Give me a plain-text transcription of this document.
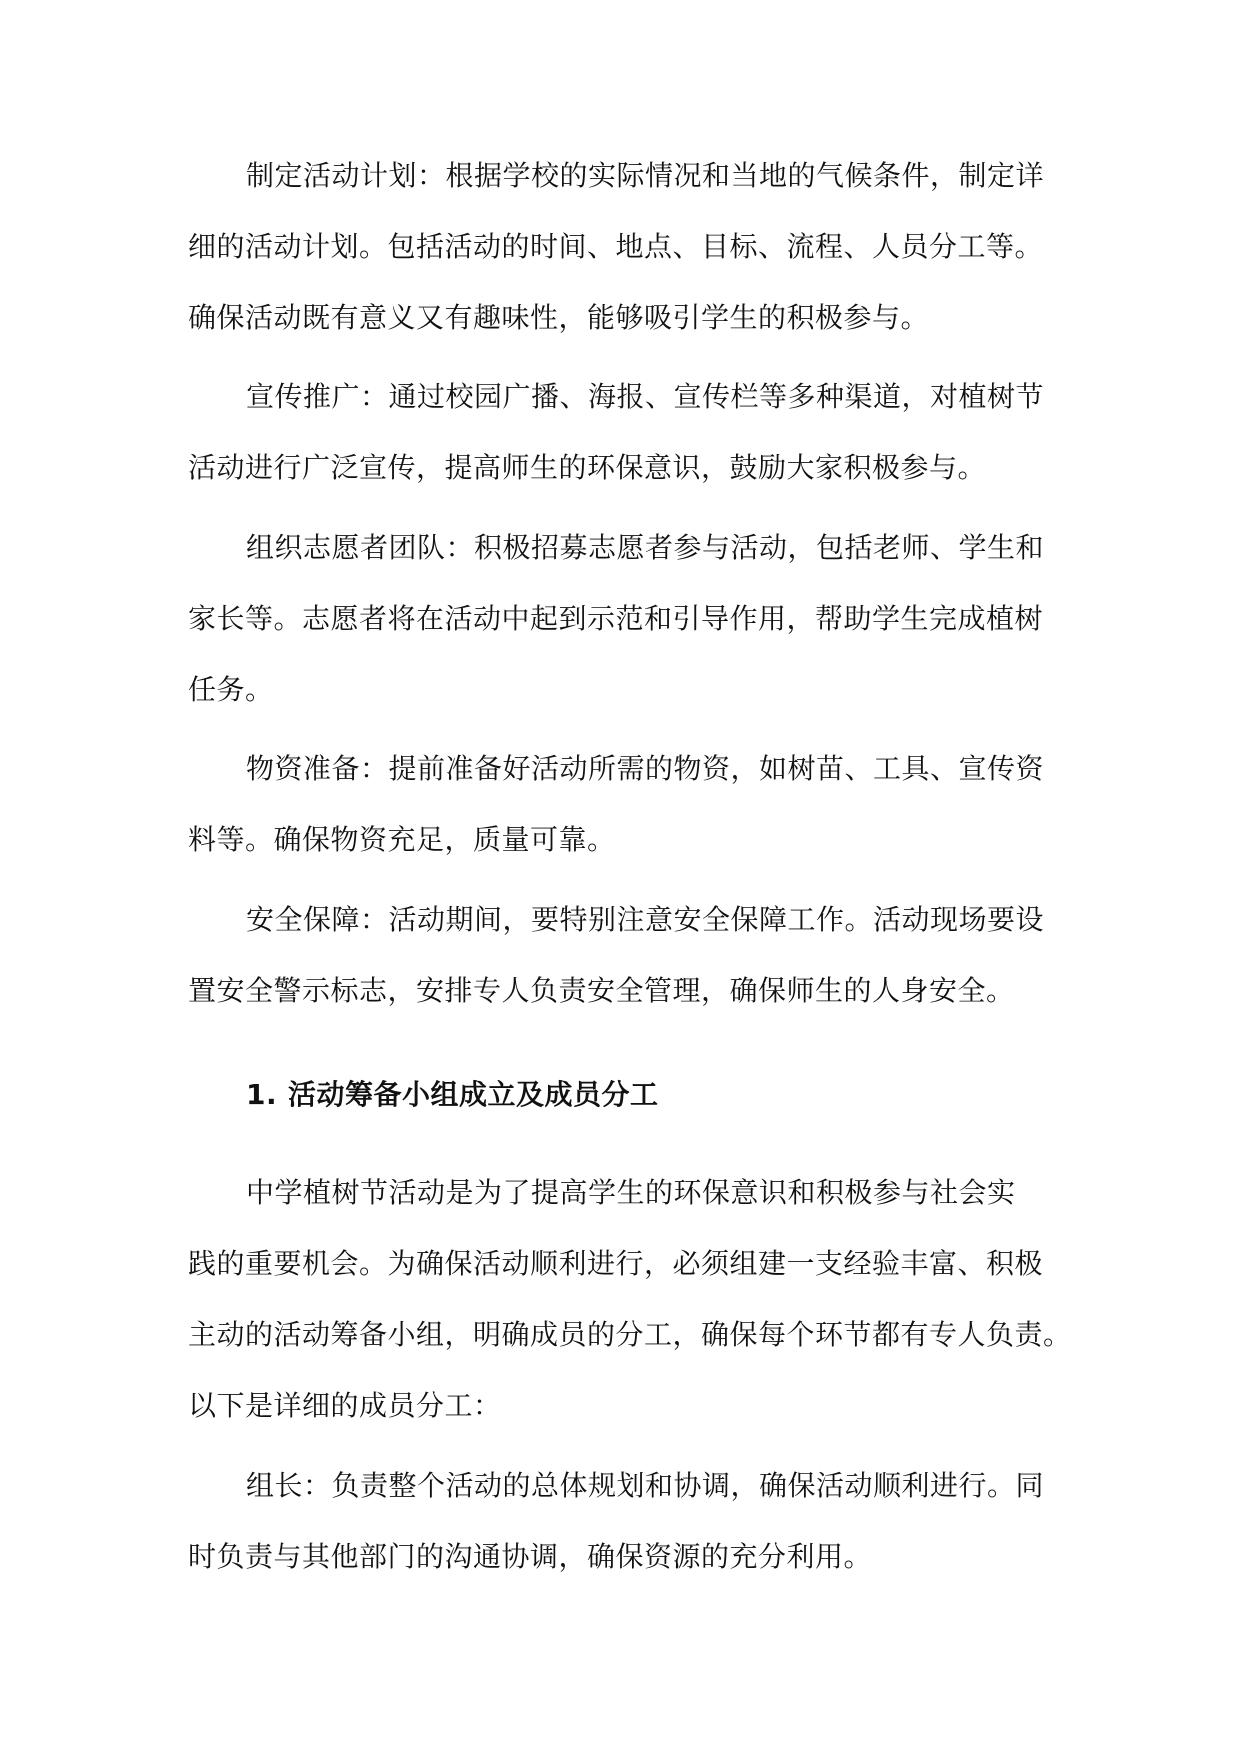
制定活动计划：根据学校的实际情况和当地的气候条件，制定详
细的活动计划。包括活动的时间、地点、目标、流程、人员分工等。
确保活动既有意义又有趣味性，能够吸引学生的积极参与。
宣传推广：通过校园广播、海报、宣传栏等多种渠道，对植树节
活动进行广泛宣传，提高师生的环保意识，鼓励大家积极参与。
组织志愿者团队：积极招募志愿者参与活动，包括老师、学生和
家长等。志愿者将在活动中起到示范和引导作用，帮助学生完成植树
任务。
物资准备：提前准备好活动所需的物资，如树苗、工具、宣传资
料等。确保物资充足，质量可靠。
安全保障：活动期间，要特别注意安全保障工作。活动现场要设
置安全警示标志，安排专人负责安全管理，确保师生的人身安全。
1. 活动筹备小组成立及成员分工
中学植树节活动是为了提高学生的环保意识和积极参与社会实
践的重要机会。为确保活动顺利进行，必须组建一支经验丰富、积极
主动的活动筹备小组，明确成员的分工，确保每个环节都有专人负责。
以下是详细的成员分工：
组长：负责整个活动的总体规划和协调，确保活动顺利进行。同
时负责与其他部门的沟通协调，确保资源的充分利用。
